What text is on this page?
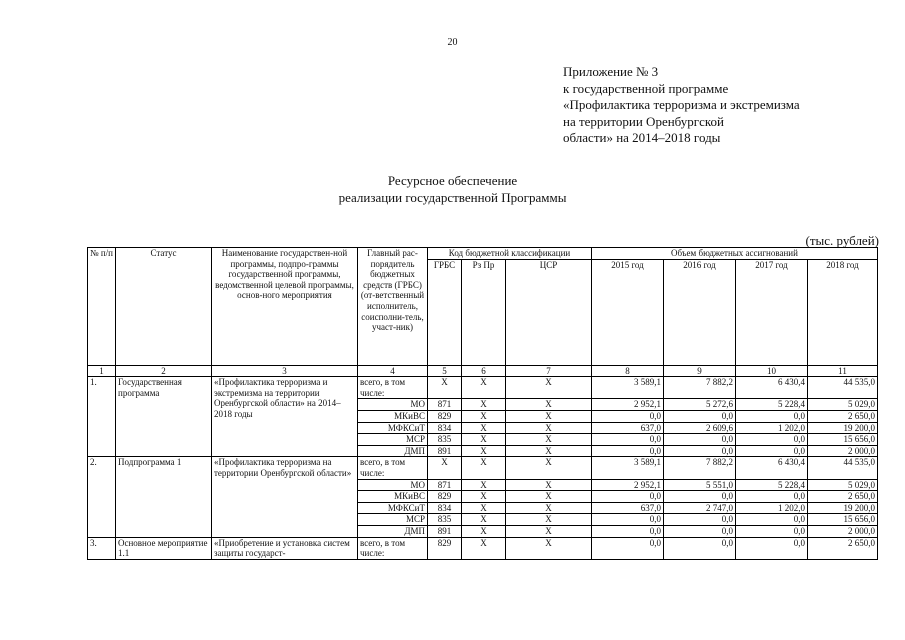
20
Приложение № 3
к государственной программе
«Профилактика терроризма и экстремизма
на территории Оренбургской
области» на 2014–2018 годы
Ресурсное обеспечение
реализации государственной Программы
(тыс. рублей)
№ п/п	Статус	Наименование государствен-ной программы, подпро-граммы государственной программы, ведомственной целевой программы, основ-ного мероприятия	Главный рас-порядитель бюджетных средств (ГРБС) (от-ветственный исполнитель, соисполни-тель, участ-ник)	Код бюджетной классификации			Объем бюджетных ассигнований			
				ГРБС	Рз Пр	ЦСР	2015 год	2016 год	2017 год	2018 год
1	2	3	4	5	6	7	8	9	10	11
1.	Государственная программа	«Профилактика терроризма и экстремизма на территории Оренбургской области» на 2014–2018 годы	всего, в том числе:	X	X	X	3 589,1	7 882,2	6 430,4	44 535,0
			МО	871	X	X	2 952,1	5 272,6	5 228,4	5 029,0
			МКиВС	829	X	X	0,0	0,0	0,0	2 650,0
			МФКСиТ	834	X	X	637,0	2 609,6	1 202,0	19 200,0
			МСР	835	X	X	0,0	0,0	0,0	15 656,0
			ДМП	891	X	X	0,0	0,0	0,0	2 000,0
2.	Подпрограмма 1	«Профилактика терроризма на территории Оренбургской области»	всего, в том числе:	X	X	X	3 589,1	7 882,2	6 430,4	44 535,0
			МО	871	X	X	2 952,1	5 551,0	5 228,4	5 029,0
			МКиВС	829	X	X	0,0	0,0	0,0	2 650,0
			МФКСиТ	834	X	X	637,0	2 747,0	1 202,0	19 200,0
			МСР	835	X	X	0,0	0,0	0,0	15 656,0
			ДМП	891	X	X	0,0	0,0	0,0	2 000,0
3.	Основное мероприятие 1.1	«Приобретение и установка систем защиты государст-	всего, в том числе:	829	X	X	0,0	0,0	0,0	2 650,0
